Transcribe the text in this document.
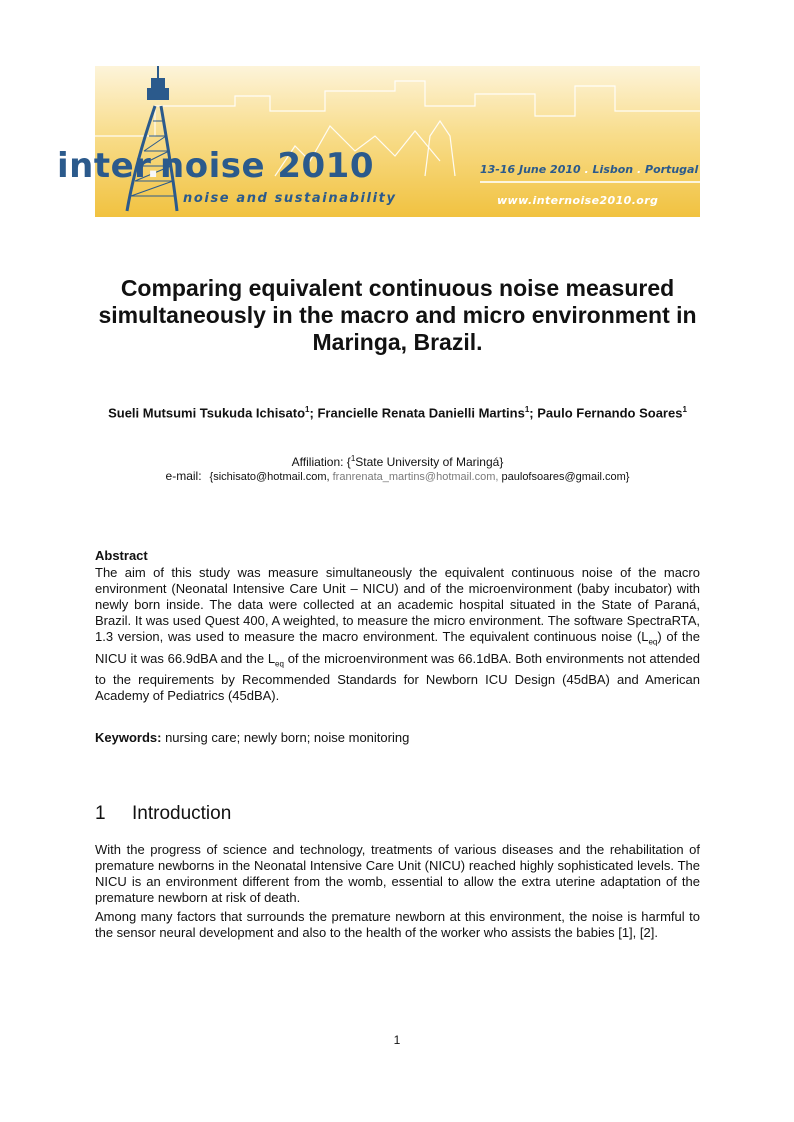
inter.noise 2010
noise and sustainability
13-16 June 2010 . Lisbon . Portugal
www.internoise2010.org
Comparing equivalent continuous noise measured simultaneously in the macro and micro environment in Maringa, Brazil.
Sueli Mutsumi Tsukuda Ichisato$^1$; Francielle Renata Danielli Martins$^1$; Paulo Fernando Soares$^1$
Affiliation: {$^1$State University of Maringá}
e-mail: {sichisato@hotmail.com, franrenata_martins@hotmail.com, paulofsoares@gmail.com}
Abstract

The aim of this study was measure simultaneously the equivalent continuous noise of the macro environment (Neonatal Intensive Care Unit – NICU) and of the microenvironment (baby incubator) with newly born inside. The data were collected at an academic hospital situated in the State of Paraná, Brazil. It was used Quest 400, A weighted, to measure the micro environment. The software SpectraRTA, 1.3 version, was used to measure the macro environment. The equivalent continuous noise $(L_{eq})$ of the NICU it was 66.9dBA and the $L_{eq}$ of the microenvironment was 66.1dBA. Both environments not attended to the requirements by Recommended Standards for Newborn ICU Design (45dBA) and American Academy of Pediatrics (45dBA).

Keywords: nursing care; newly born; noise monitoring
1 Introduction

With the progress of science and technology, treatments of various diseases and the rehabilitation of premature newborns in the Neonatal Intensive Care Unit (NICU) reached highly sophisticated levels. The NICU is an environment different from the womb, essential to allow the extra uterine adaptation of the premature newborn at risk of death.

Among many factors that surrounds the premature newborn at this environment, the noise is harmful to the sensor neural development and also to the health of the worker who assists the babies [1], [2].

1
